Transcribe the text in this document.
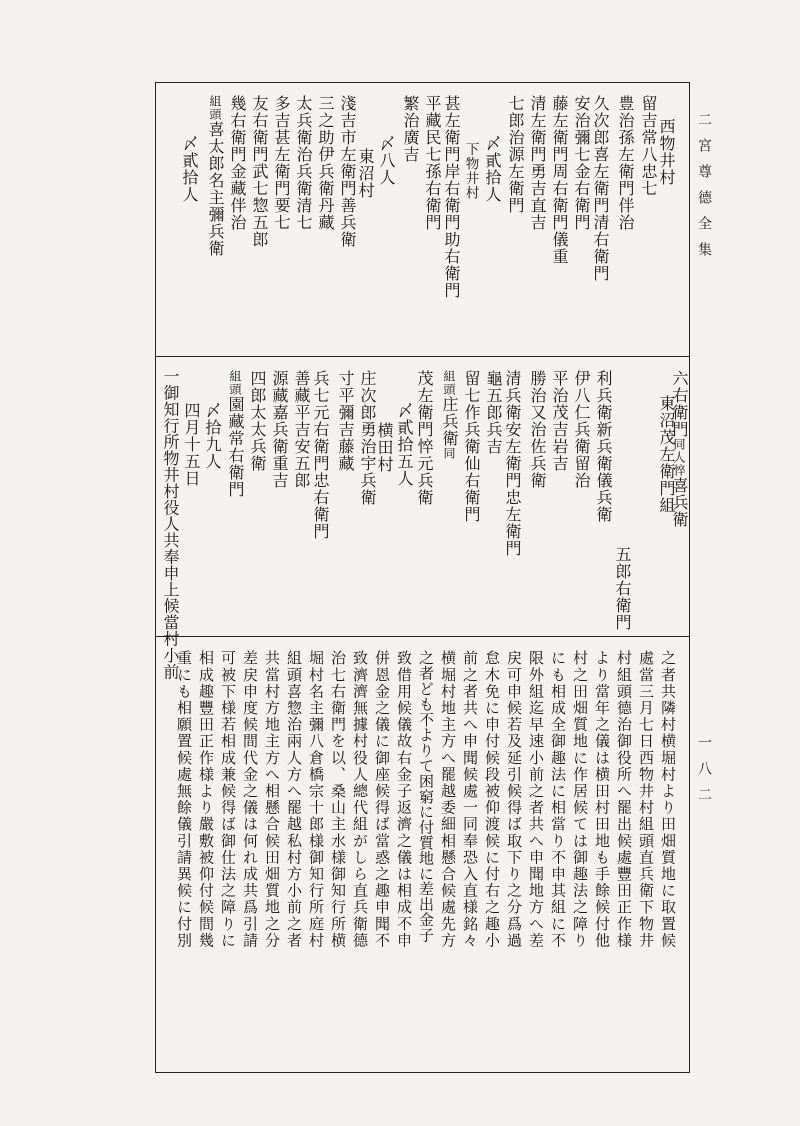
二宮尊德全集
一八二
西物井村
留吉常八忠七
豊治孫左衛門伴治
久次郎喜左衛門清右衛門
安治彌七金右衛門
藤左衛門周右衛門儀重
清左衛門勇吉直吉
七郎治源左衛門
〆貳拾人
下物井村
甚左衛門岸右衛門助右衛門
平藏民七孫右衛門
繁治廣吉
〆八人
東沼村
淺吉市左衛門善兵衛
三之助伊兵衛丹藏
太兵衛治兵衛清七
多吉甚左衛門要七
友右衛門武七惣五郎
幾右衛門金藏伴治
組頭喜太郎名主彌兵衛
〆貳拾人
東沼茂左衛門組
六右衛門同人悴喜兵衛
五郎右衛門
利兵衛新兵衛儀兵衛
伊八仁兵衛留治
平治茂吉岩吉
勝治又治佐兵衛
清兵衛安左衛門忠左衛門
龜五郎兵吉
留七作兵衛仙右衛門
組頭庄兵衛同
茂左衛門悴元兵衛
〆貳拾五人
横田村
庄次郎勇治宇兵衛
寸平彌吉藤藏
兵七元右衛門忠右衛門
善藏平吉安五郎
源藏嘉兵衛重吉
四郎太太兵衛
組頭園藏常右衛門
〆拾九人
四月十五日
一御知行所物井村役人共奉申上候當村小前
之者共隣村横堀村より田畑質地に取置候
處當三月七日西物井村組頭直兵衛下物井
村組頭德治御役所へ罷出候處豐田正作様
より當年之儀は横田村田地も手餘候付他
村之田畑質地に作居候ては御趣法之障り
にも相成全御趣法に相當り不申其組に不
限外組迄早速小前之者共へ申聞地方へ差
戻可申候若及延引候得ば取下り之分爲過
怠木免に申付候段被仰渡候に付右之趣小
前之者共へ申聞候處一同奉恐入直様銘々
横堀村地主方へ罷越委細相懸合候處先方
之者ども不よりて困窮に付質地に差出金子
致借用候儀故右金子返濟之儀は相成不申
併恩金之儀に御座候得ば當惑之趣申聞不
致濟濟無據村役人總代組がしら直兵衛德
治七右衛門を以、桑山主水様御知行所横
堀村名主彌八倉橋宗十郎様御知行所庭村
組頭喜惣治兩人方へ罷越私村方小前之者
共當村方地主方へ相懸合候田畑質地之分
差戻申度候間代金之儀は何れ成共爲引請
可被下様若相成兼候得ば御仕法之障りに
相成趣豐田正作様より嚴敷被仰付候間幾
重にも相願置候處無餘儀引請異候に付別
